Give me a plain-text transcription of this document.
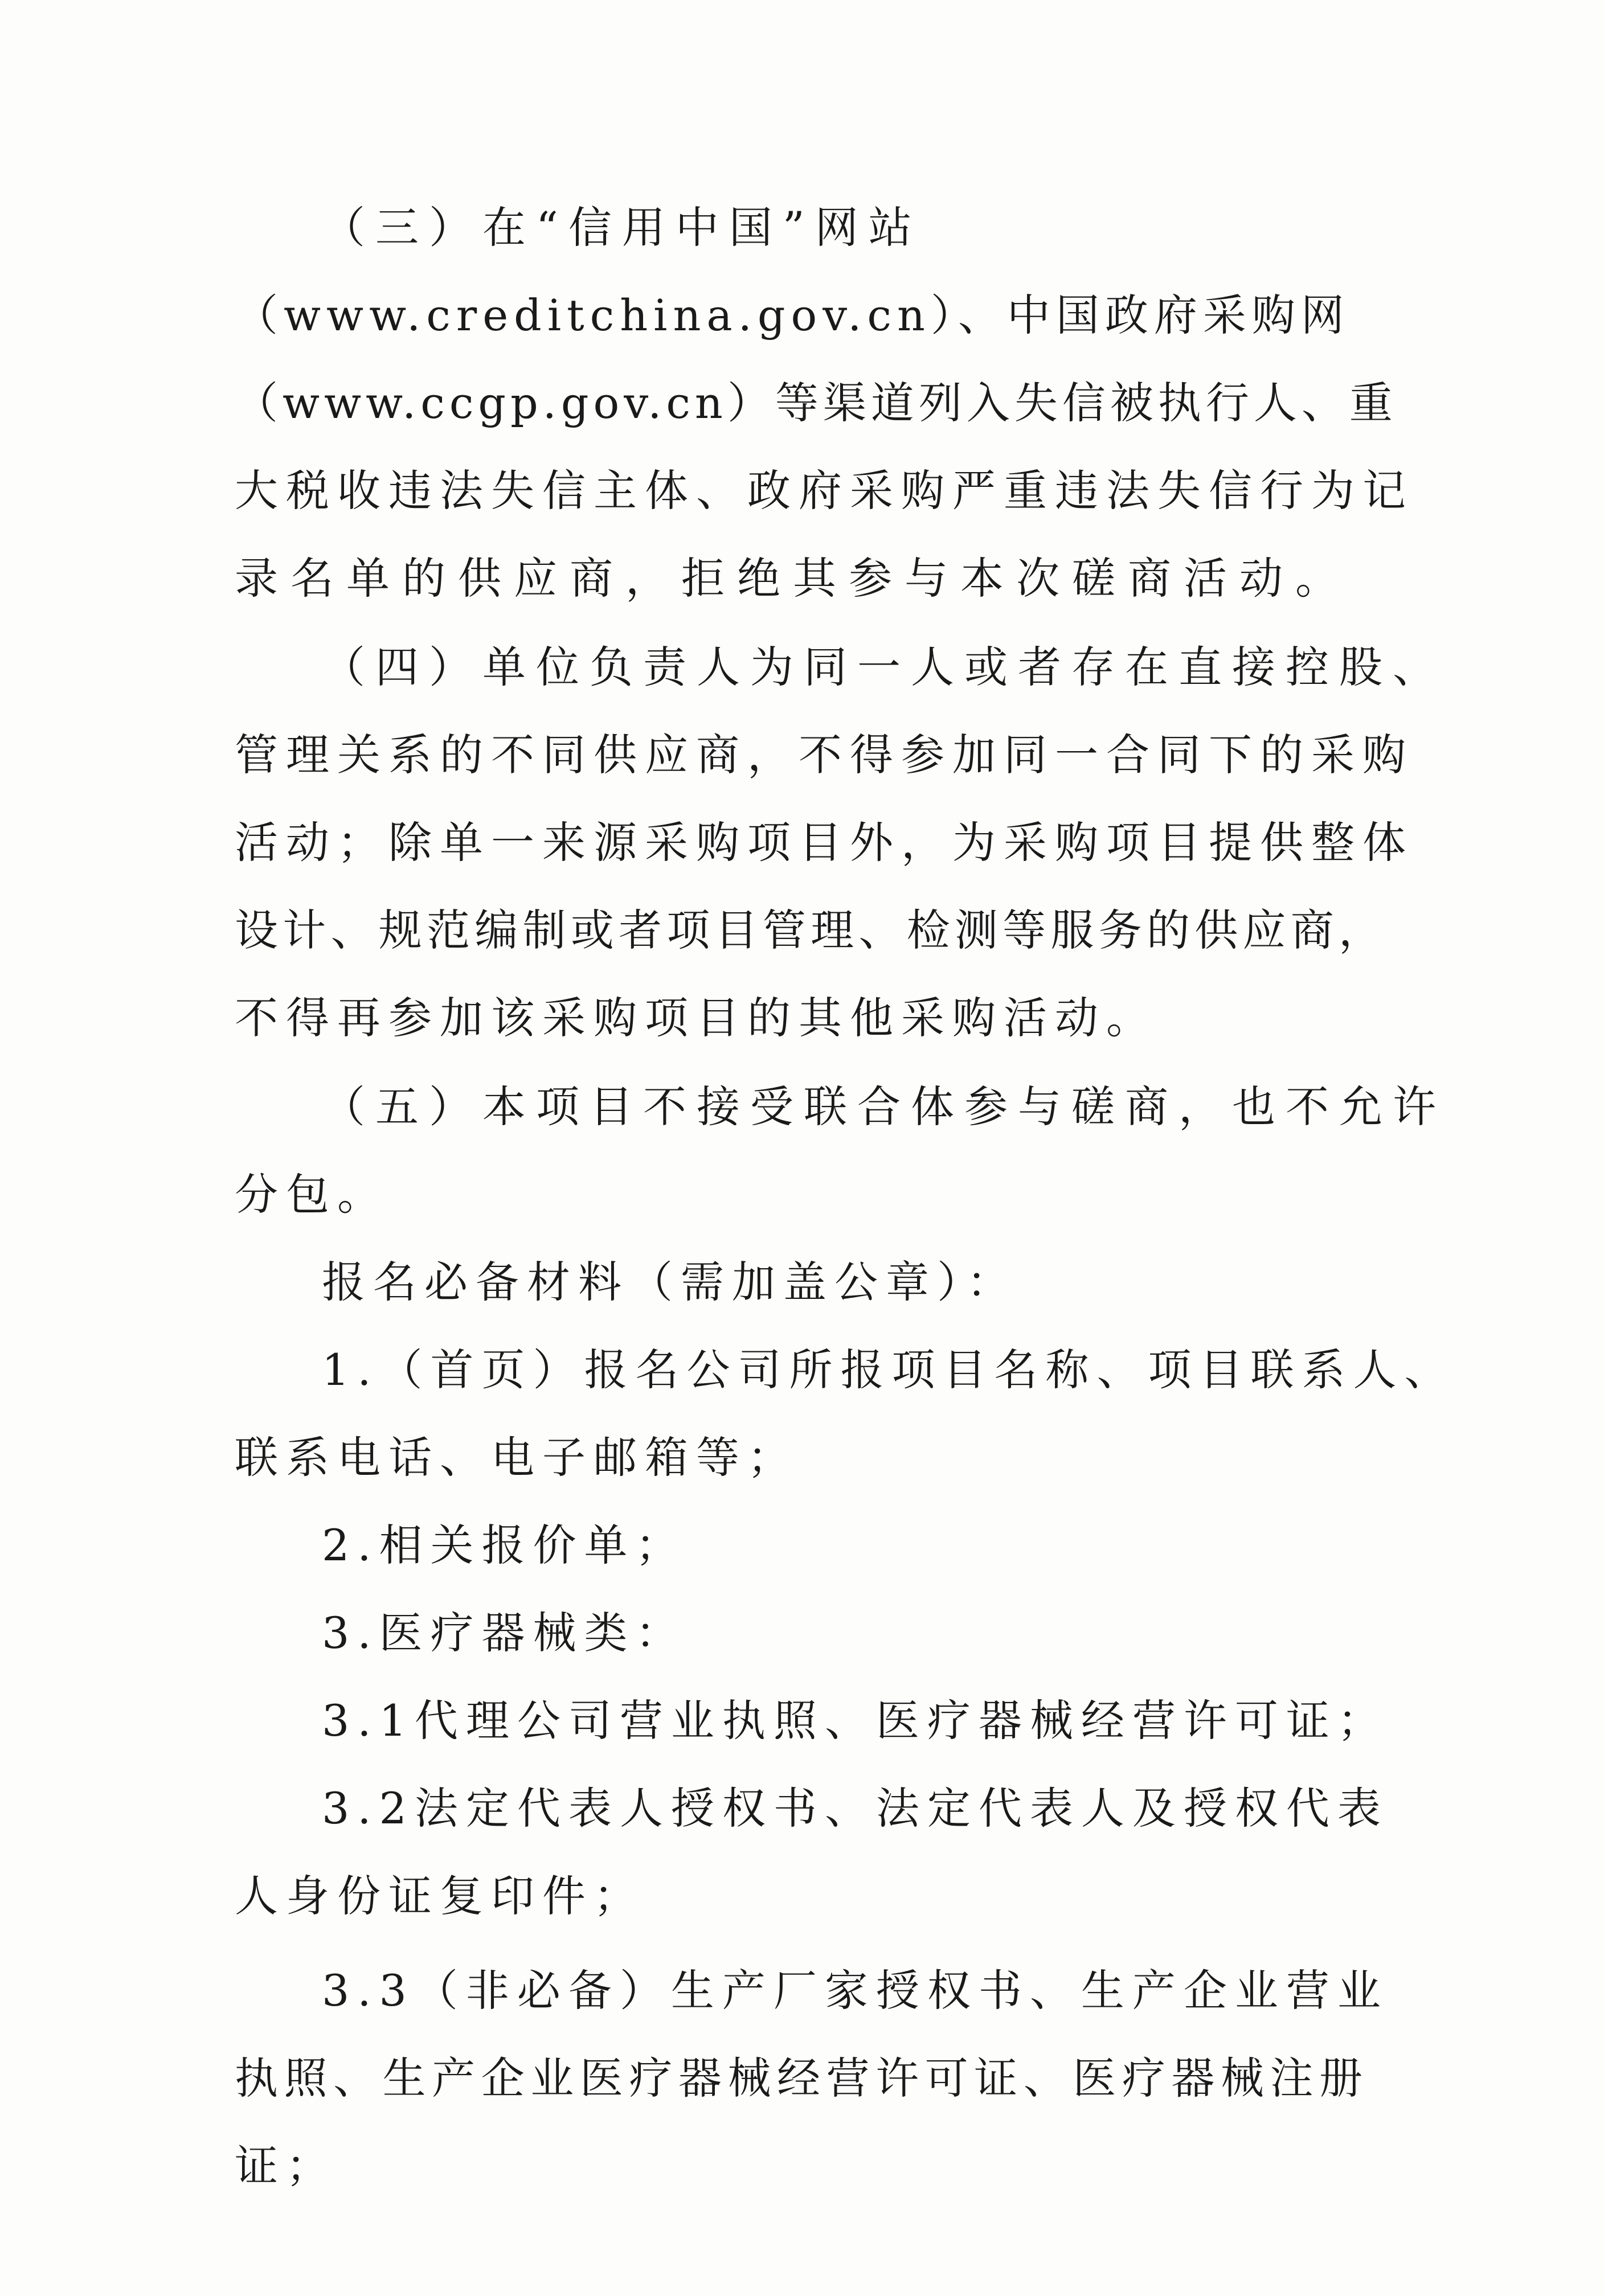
（三）在“信用中国”网站
（www.creditchina.gov.cn）、中国政府采购网
（www.ccgp.gov.cn）等渠道列入失信被执行人、重
大税收违法失信主体、政府采购严重违法失信行为记
录名单的供应商，拒绝其参与本次磋商活动。
（四）单位负责人为同一人或者存在直接控股、
管理关系的不同供应商，不得参加同一合同下的采购
活动；除单一来源采购项目外，为采购项目提供整体
设计、规范编制或者项目管理、检测等服务的供应商，
不得再参加该采购项目的其他采购活动。
（五）本项目不接受联合体参与磋商，也不允许
分包。
报名必备材料（需加盖公章）：
1.（首页）报名公司所报项目名称、项目联系人、
联系电话、电子邮箱等；
2.相关报价单；
3.医疗器械类：
3.1代理公司营业执照、医疗器械经营许可证；
3.2法定代表人授权书、法定代表人及授权代表
人身份证复印件；
3.3（非必备）生产厂家授权书、生产企业营业
执照、生产企业医疗器械经营许可证、医疗器械注册
证；
